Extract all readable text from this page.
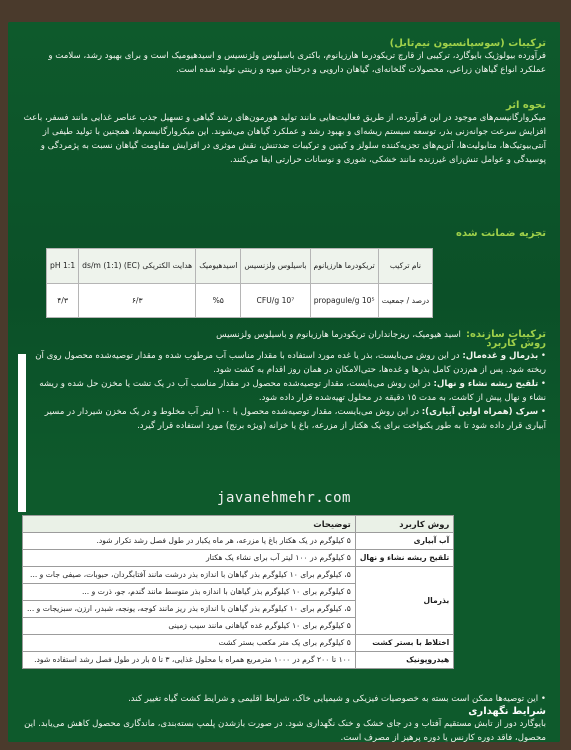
ترکیبات (سوسپانسیون نیم‌تابل)
فرآورده بیولوژیک بایوگارد، ترکیبی از قارچ تریکودرما هارزیانوم، باکتری باسیلوس ولزنسیس و اسیدهیومیک است و برای بهبود رشد، سلامت و عملکرد انواع گیاهان زراعی، محصولات گلخانه‌ای، گیاهان دارویی و درختان میوه و زینتی تولید شده است.
نحوه اثر
میکروارگانیسم‌های موجود در این فرآورده، از طریق فعالیت‌هایی مانند تولید هورمون‌های رشد گیاهی و تسهیل جذب عناصر غذایی مانند فسفر، باعث افزایش سرعت جوانه‌زنی بذر، توسعه سیستم ریشه‌ای و بهبود رشد و عملکرد گیاهان می‌شوند. این میکروارگانیسم‌ها، همچنین با تولید طیفی از آنتی‌بیوتیک‌ها، متابولیت‌ها، آنزیم‌های تجزیه‌کننده سلولز و کیتین و ترکیبات ضدتنش، نقش موثری در افزایش مقاومت گیاهان نسبت به پژمردگی و پوسیدگی و عوامل تنش‌زای غیرزنده مانند خشکی، شوری و نوسانات حرارتی ایفا می‌کنند.
تجزیه ضمانت شده
نام ترکیب	تریکودرما هارزیانوم	باسیلوس ولزنسیس	اسیدهیومیک	هدایت الکتریکی (EC) (1:1) ds/m	pH 1:1
درصد / جمعیت	10⁵ propagule/g	10⁷ CFU/g	%۵	۶/۳	۴/۳
ترکیبات سازنده: اسید هیومیک، ریزجانداران تریکودرما هارزیانوم و باسیلوس ولزنسیس
روش کاربرد
• بذرمال و غده‌مال: در این روش می‌بایست، بذر یا غده مورد استفاده با مقدار مناسب آب مرطوب شده و مقدار توصیه‌شده محصول روی آن ریخته شود. پس از هم‌زدن کامل بذرها و غده‌ها، حتی‌الامکان در همان روز اقدام به کشت شود.
• تلقیح ریشه نشاء و نهال: در این روش می‌بایست، مقدار توصیه‌شده محصول در مقدار مناسب آب در یک تشت یا مخزن حل شده و ریشه نشاء و نهال پیش از کاشت، به مدت ۱۵ دقیقه در محلول تهیه‌شده قرار داده شود.
• سرک (همراه اولین آبیاری): در این روش می‌بایست، مقدار توصیه‌شده محصول با ۱۰۰ لیتر آب مخلوط و در یک مخزن شیردار در مسیر آبیاری قرار داده شود تا به طور یکنواخت برای یک هکتار از مزرعه، باغ یا خزانه (ویژه برنج) مورد استفاده قرار گیرد.
javanehmehr.com
روش کاربرد	توضیحات
آب آبیاری	۵ کیلوگرم در یک هکتار باغ یا مزرعه، هر ماه یکبار در طول فصل رشد تکرار شود.
تلقیح ریشه نشاء و نهال	۵ کیلوگرم در ۱۰۰ لیتر آب برای نشاء یک هکتار
بذرمال	۵، کیلوگرم برای ۱۰ کیلوگرم بذر گیاهان با اندازه بذر درشت مانند آفتابگردان، حبوبات، صیفی جات و ...
	۵ کیلوگرم برای ۱۰ کیلوگرم بذر گیاهان با اندازه بذر متوسط مانند گندم، جو، ذرت و ...
	۵، کیلوگرم برای ۱۰ کیلوگرم بذر گیاهان با اندازه بذر ریز مانند کوجه، یونجه، شبدر، ارزن، سبزیجات و ...
	۵ کیلوگرم برای ۱۰ کیلوگرم غده گیاهانی مانند سیب زمینی
اختلاط با بستر کشت	۵ کیلوگرم برای یک متر مکعب بستر کشت
هیدروپونیک	۱۰۰ تا ۲۰۰ گرم در ۱۰۰۰ مترمربع همراه با محلول غذایی، ۳ تا ۵ بار در طول فصل رشد استفاده شود.
• این توصیه‌ها ممکن است بسته به خصوصیات فیزیکی و شیمیایی خاک، شرایط اقلیمی و شرایط کشت گیاه تغییر کند.
شرایط نگهداری
بایوگارد دور از تابش مستقیم آفتاب و در جای خشک و خنک نگهداری شود. در صورت بازشدن پلمپ بسته‌بندی، ماندگاری محصول کاهش می‌یابد. این محصول، فاقد دوره کارنس یا دوره پرهیز از مصرف است.
